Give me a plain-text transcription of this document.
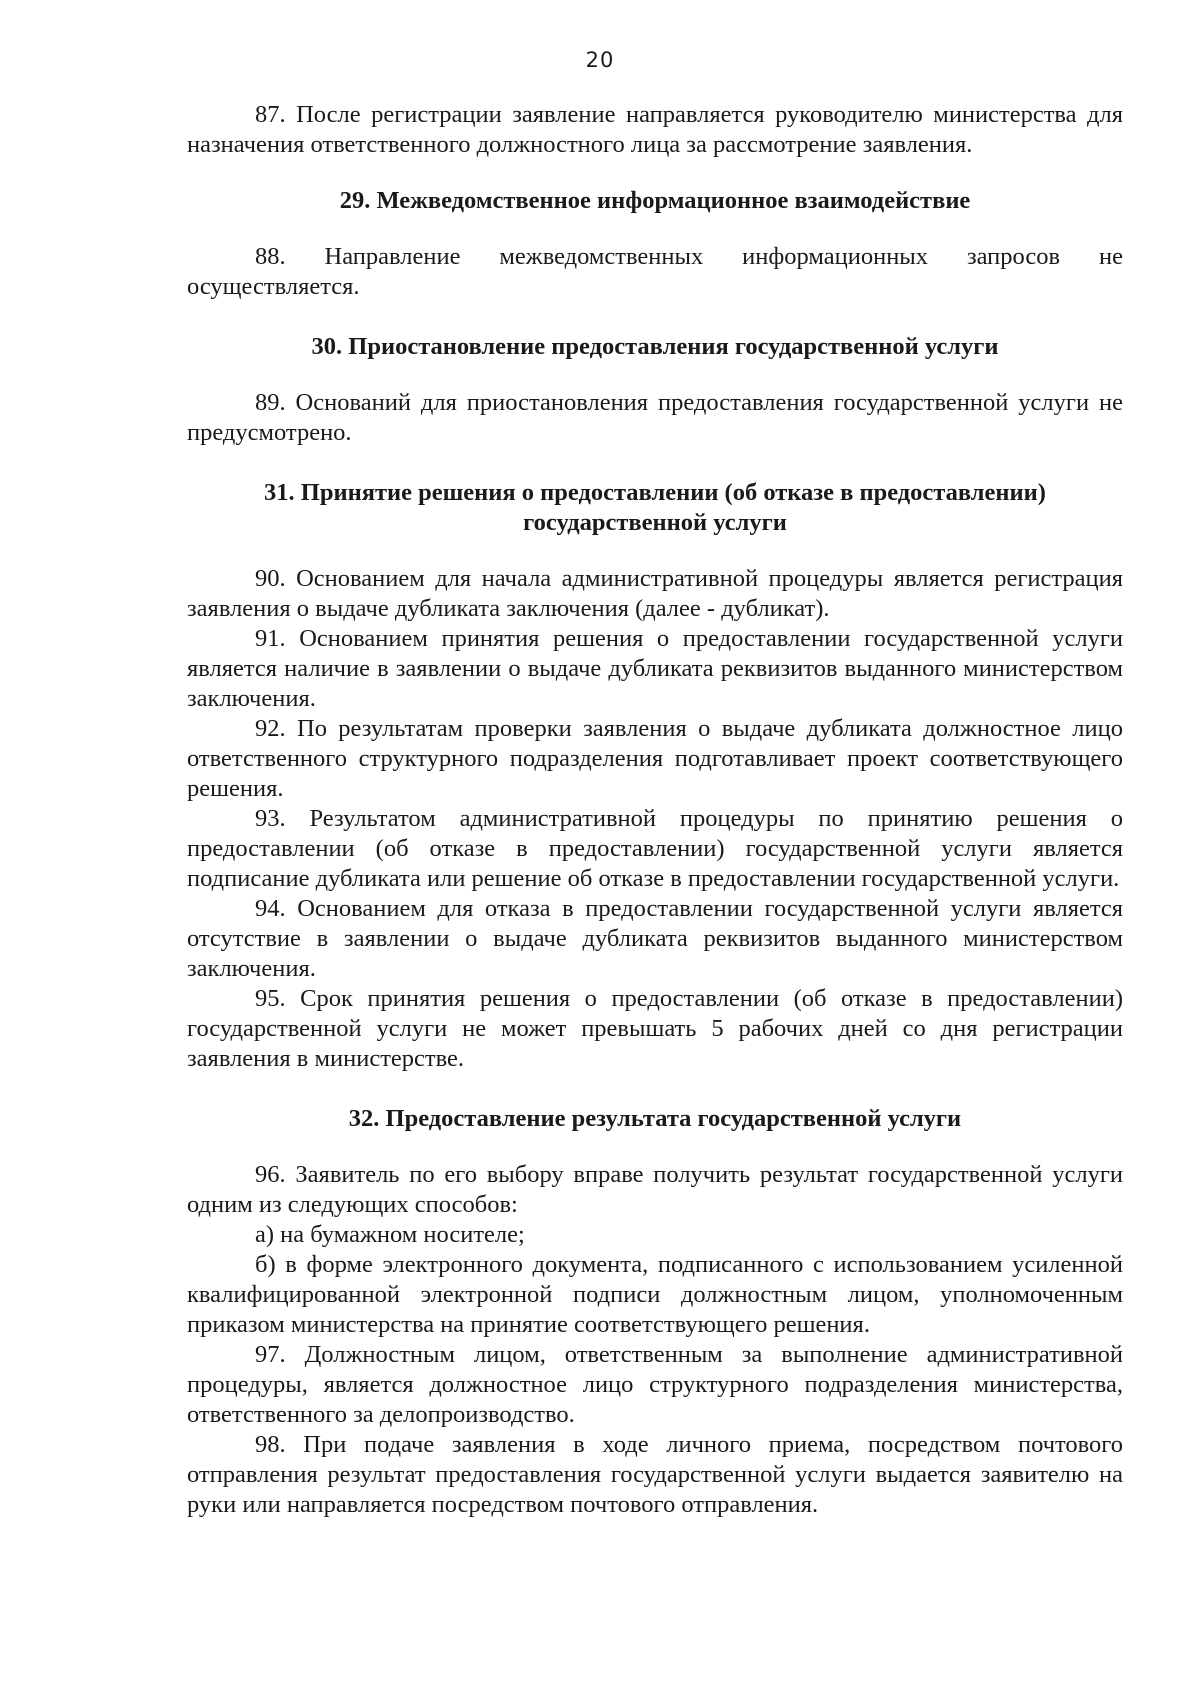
20

87. После регистрации заявление направляется руководителю министерства для назначения ответственного должностного лица за рассмотрение заявления.

29. Межведомственное информационное взаимодействие

88. Направление межведомственных информационных запросов не осуществляется.

30. Приостановление предоставления государственной услуги

89. Оснований для приостановления предоставления государственной услуги не предусмотрено.

31. Принятие решения о предоставлении (об отказе в предоставлении)
государственной услуги

90. Основанием для начала административной процедуры является регистрация заявления о выдаче дубликата заключения (далее - дубликат).

91. Основанием принятия решения о предоставлении государственной услуги является наличие в заявлении о выдаче дубликата реквизитов выданного министерством заключения.

92. По результатам проверки заявления о выдаче дубликата должностное лицо ответственного структурного подразделения подготавливает проект соответствующего решения.

93. Результатом административной процедуры по принятию решения о предоставлении (об отказе в предоставлении) государственной услуги является подписание дубликата или решение об отказе в предоставлении государственной услуги.

94. Основанием для отказа в предоставлении государственной услуги является отсутствие в заявлении о выдаче дубликата реквизитов выданного министерством заключения.

95. Срок принятия решения о предоставлении (об отказе в предоставлении) государственной услуги не может превышать 5 рабочих дней со дня регистрации заявления в министерстве.

32. Предоставление результата государственной услуги

96. Заявитель по его выбору вправе получить результат государственной услуги одним из следующих способов:

а) на бумажном носителе;

б) в форме электронного документа, подписанного с использованием усиленной квалифицированной электронной подписи должностным лицом, уполномоченным приказом министерства на принятие соответствующего решения.

97. Должностным лицом, ответственным за выполнение административной процедуры, является должностное лицо структурного подразделения министерства, ответственного за делопроизводство.

98. При подаче заявления в ходе личного приема, посредством почтового отправления результат предоставления государственной услуги выдается заявителю на руки или направляется посредством почтового отправления.
